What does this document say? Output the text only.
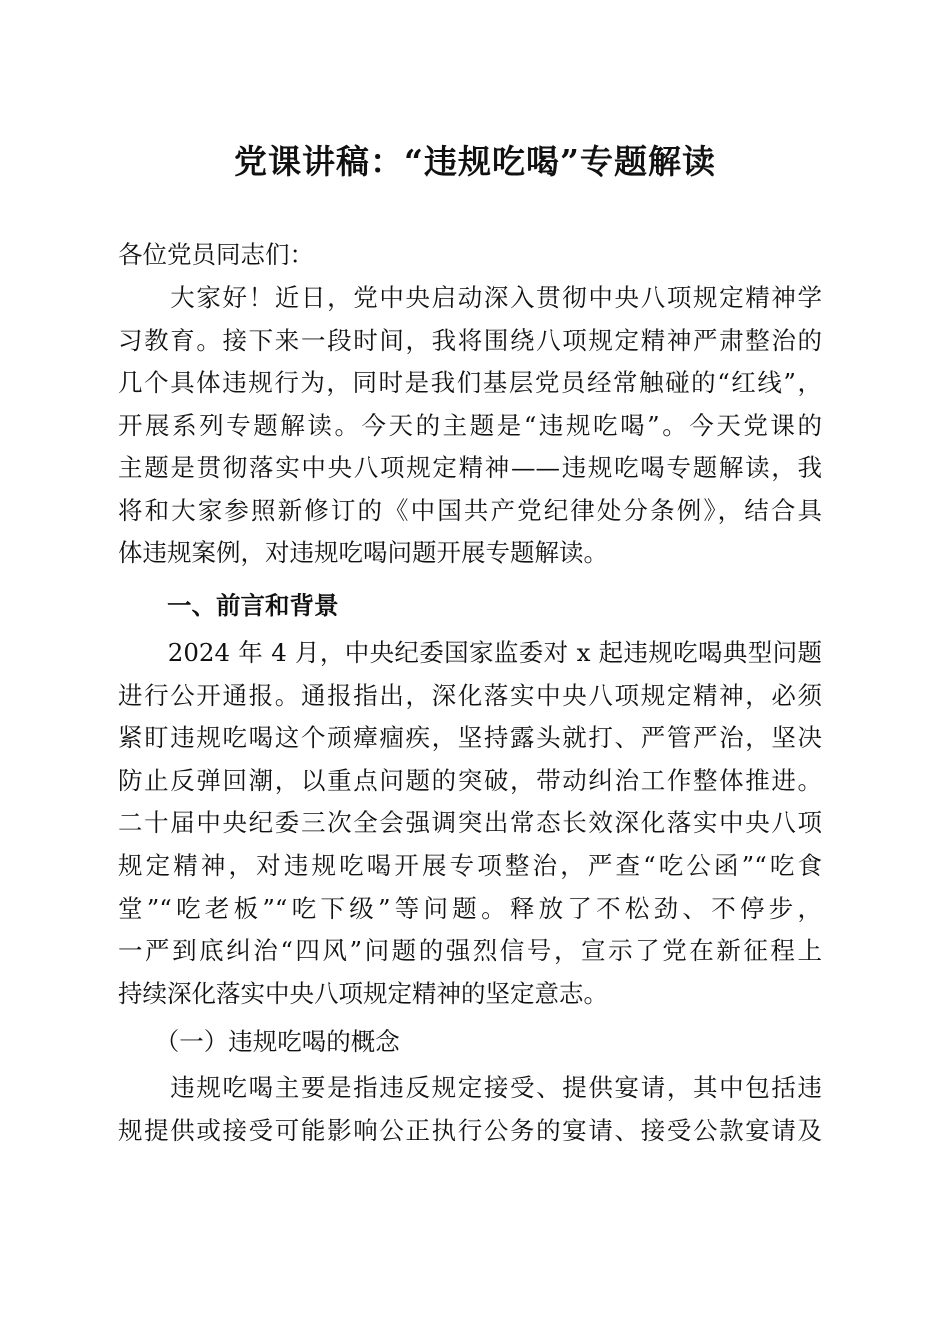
党课讲稿：“违规吃喝”专题解读
各位党员同志们：
　　大家好！近日，党中央启动深入贯彻中央八项规定精神学
习教育。接下来一段时间，我将围绕八项规定精神严肃整治的
几个具体违规行为，同时是我们基层党员经常触碰的“红线”，
开展系列专题解读。今天的主题是“违规吃喝”。今天党课的
主题是贯彻落实中央八项规定精神——违规吃喝专题解读，我
将和大家参照新修订的《中国共产党纪律处分条例》，结合具
体违规案例，对违规吃喝问题开展专题解读。
　　一、前言和背景
　　2024 年 4 月，中央纪委国家监委对 x 起违规吃喝典型问题
进行公开通报。通报指出，深化落实中央八项规定精神，必须
紧盯违规吃喝这个顽瘴痼疾，坚持露头就打、严管严治，坚决
防止反弹回潮，以重点问题的突破，带动纠治工作整体推进。
二十届中央纪委三次全会强调突出常态长效深化落实中央八项
规定精神，对违规吃喝开展专项整治，严查“吃公函”“吃食
堂”“吃老板”“吃下级”等问题。释放了不松劲、不停步，
一严到底纠治“四风”问题的强烈信号，宣示了党在新征程上
持续深化落实中央八项规定精神的坚定意志。
　　（一）违规吃喝的概念
　　违规吃喝主要是指违反规定接受、提供宴请，其中包括违
规提供或接受可能影响公正执行公务的宴请、接受公款宴请及
